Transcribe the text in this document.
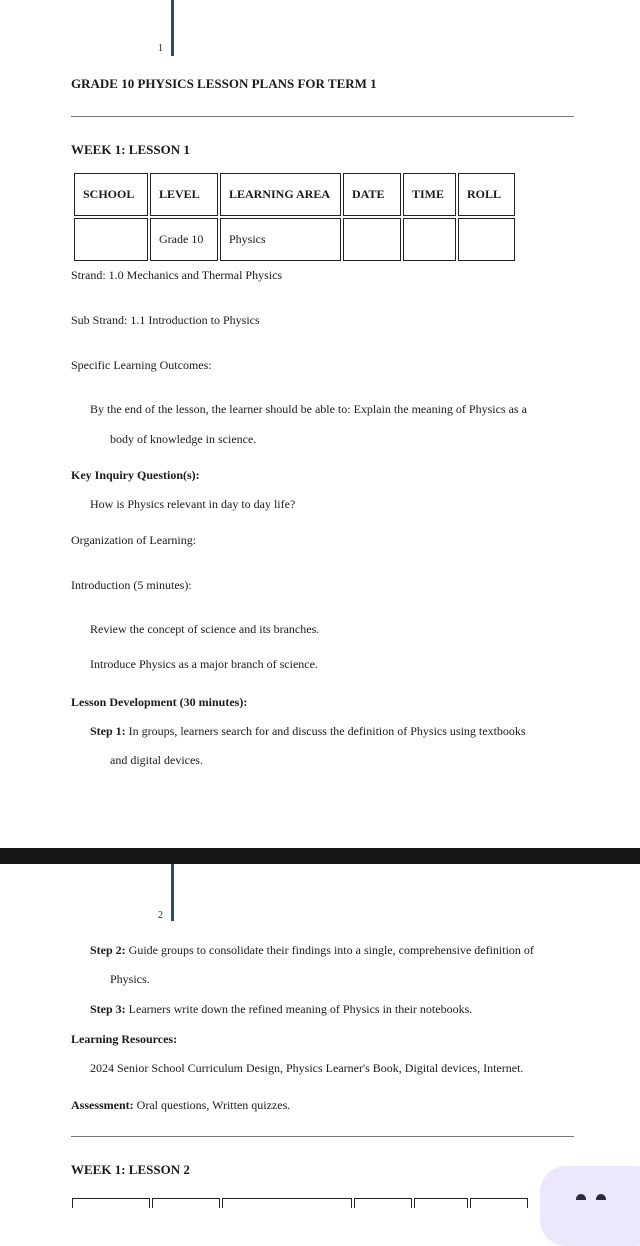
1
GRADE 10 PHYSICS LESSON PLANS FOR TERM 1
WEEK 1: LESSON 1
SCHOOL	LEVEL	LEARNING AREA	DATE	TIME	ROLL
	Grade 10	Physics			
Strand: 1.0 Mechanics and Thermal Physics
Sub Strand: 1.1 Introduction to Physics
Specific Learning Outcomes:
By the end of the lesson, the learner should be able to: Explain the meaning of Physics as a
body of knowledge in science.
Key Inquiry Question(s):
How is Physics relevant in day to day life?
Organization of Learning:
Introduction (5 minutes):
Review the concept of science and its branches.
Introduce Physics as a major branch of science.
Lesson Development (30 minutes):
Step 1: In groups, learners search for and discuss the definition of Physics using textbooks
and digital devices.
2
Step 2: Guide groups to consolidate their findings into a single, comprehensive definition of
Physics.
Step 3: Learners write down the refined meaning of Physics in their notebooks.
Learning Resources:
2024 Senior School Curriculum Design, Physics Learner's Book, Digital devices, Internet.
Assessment: Oral questions, Written quizzes.
WEEK 1: LESSON 2
